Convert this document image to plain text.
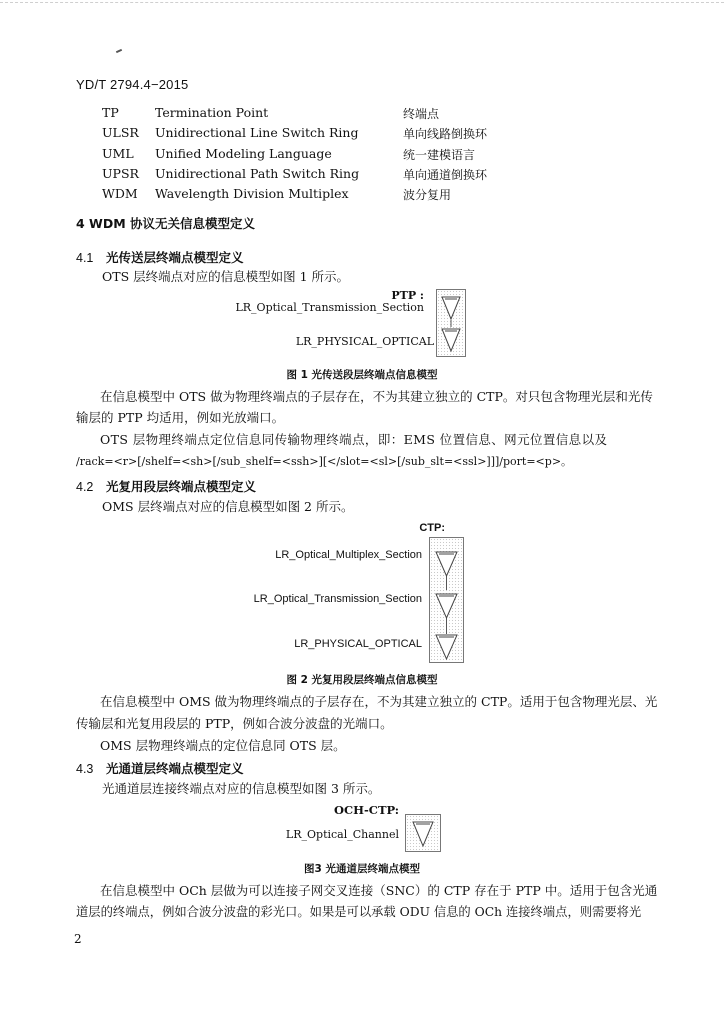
YD/T 2794.4−2015
TP	Termination Point	终端点
ULSR Unidirectional Line Switch Ring	单向线路倒换环
UML Unified Modeling Language	统一建模语言
UPSR Unidirectional Path Switch Ring	单向通道倒换环
WDM Wavelength Division Multiplex	波分复用
4 WDM 协议无关信息模型定义
4.1 光传送层终端点模型定义
OTS 层终端点对应的信息模型如图 1 所示。
PTP :
LR_Optical_Transmission_Section
LR_PHYSICAL_OPTICAL
图 1 光传送段层终端点信息模型
在信息模型中 OTS 做为物理终端点的子层存在，不为其建立独立的 CTP。对只包含物理光层和光传
输层的 PTP 均适用，例如光放端口。
OTS 层物理终端点定位信息同传输物理终端点，即：EMS 位置信息、网元位置信息以及
/rack=<r>[/shelf=<sh>[/sub_shelf=<ssh>][</slot=<sl>[/sub_slt=<ssl>]]]/port=<p>。
4.2 光复用段层终端点模型定义
OMS 层终端点对应的信息模型如图 2 所示。
CTP:
LR_Optical_Multiplex_Section
LR_Optical_Transmission_Section
LR_PHYSICAL_OPTICAL
图 2 光复用段层终端点信息模型
在信息模型中 OMS 做为物理终端点的子层存在，不为其建立独立的 CTP。适用于包含物理光层、光
传输层和光复用段层的 PTP，例如合波分波盘的光端口。
OMS 层物理终端点的定位信息同 OTS 层。
4.3 光通道层终端点模型定义
光通道层连接终端点对应的信息模型如图 3 所示。
OCH-CTP:
LR_Optical_Channel
图3 光通道层终端点模型
在信息模型中 OCh 层做为可以连接子网交叉连接（SNC）的 CTP 存在于 PTP 中。适用于包含光通
道层的终端点，例如合波分波盘的彩光口。如果是可以承载 ODU 信息的 OCh 连接终端点，则需要将光
2
